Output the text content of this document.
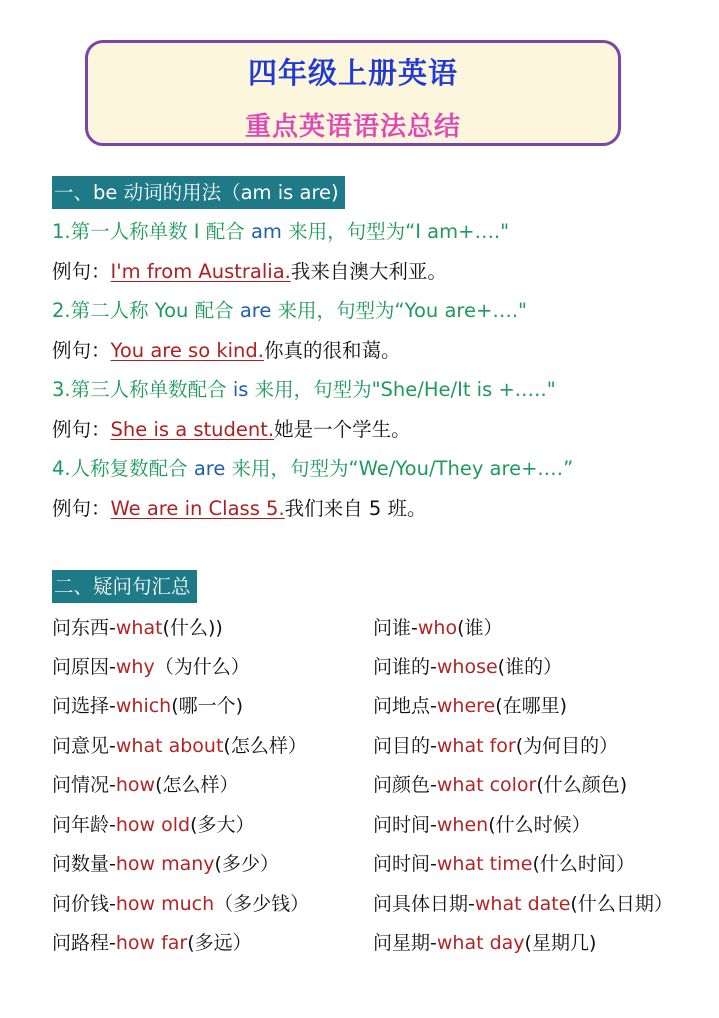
四年级上册英语
重点英语语法总结
一、be 动词的用法（am is are)
1.第一人称单数 I 配合 am 来用，句型为“I am+…."
例句：I'm from Australia.我来自澳大利亚。
2.第二人称 You 配合 are 来用，句型为“You are+…."
例句：You are so kind.你真的很和蔼。
3.第三人称单数配合 is 来用，句型为"She/He/It is +.…."
例句：She is a student.她是一个学生。
4.人称复数配合 are 来用，句型为“We/You/They are+.…”
例句：We are in Class 5.我们来自 5 班。
二、疑问句汇总
问东西-what(什么))
问原因-why（为什么）
问选择-which(哪一个)
问意见-what about(怎么样）
问情况-how(怎么样）
问年龄-how old(多大）
问数量-how many(多少）
问价钱-how much（多少钱）
问路程-how far(多远）
问谁-who(谁）
问谁的-whose(谁的）
问地点-where(在哪里)
问目的-what for(为何目的）
问颜色-what color(什么颜色)
问时间-when(什么时候）
问时间-what time(什么时间）
问具体日期-what date(什么日期）
问星期-what day(星期几)
